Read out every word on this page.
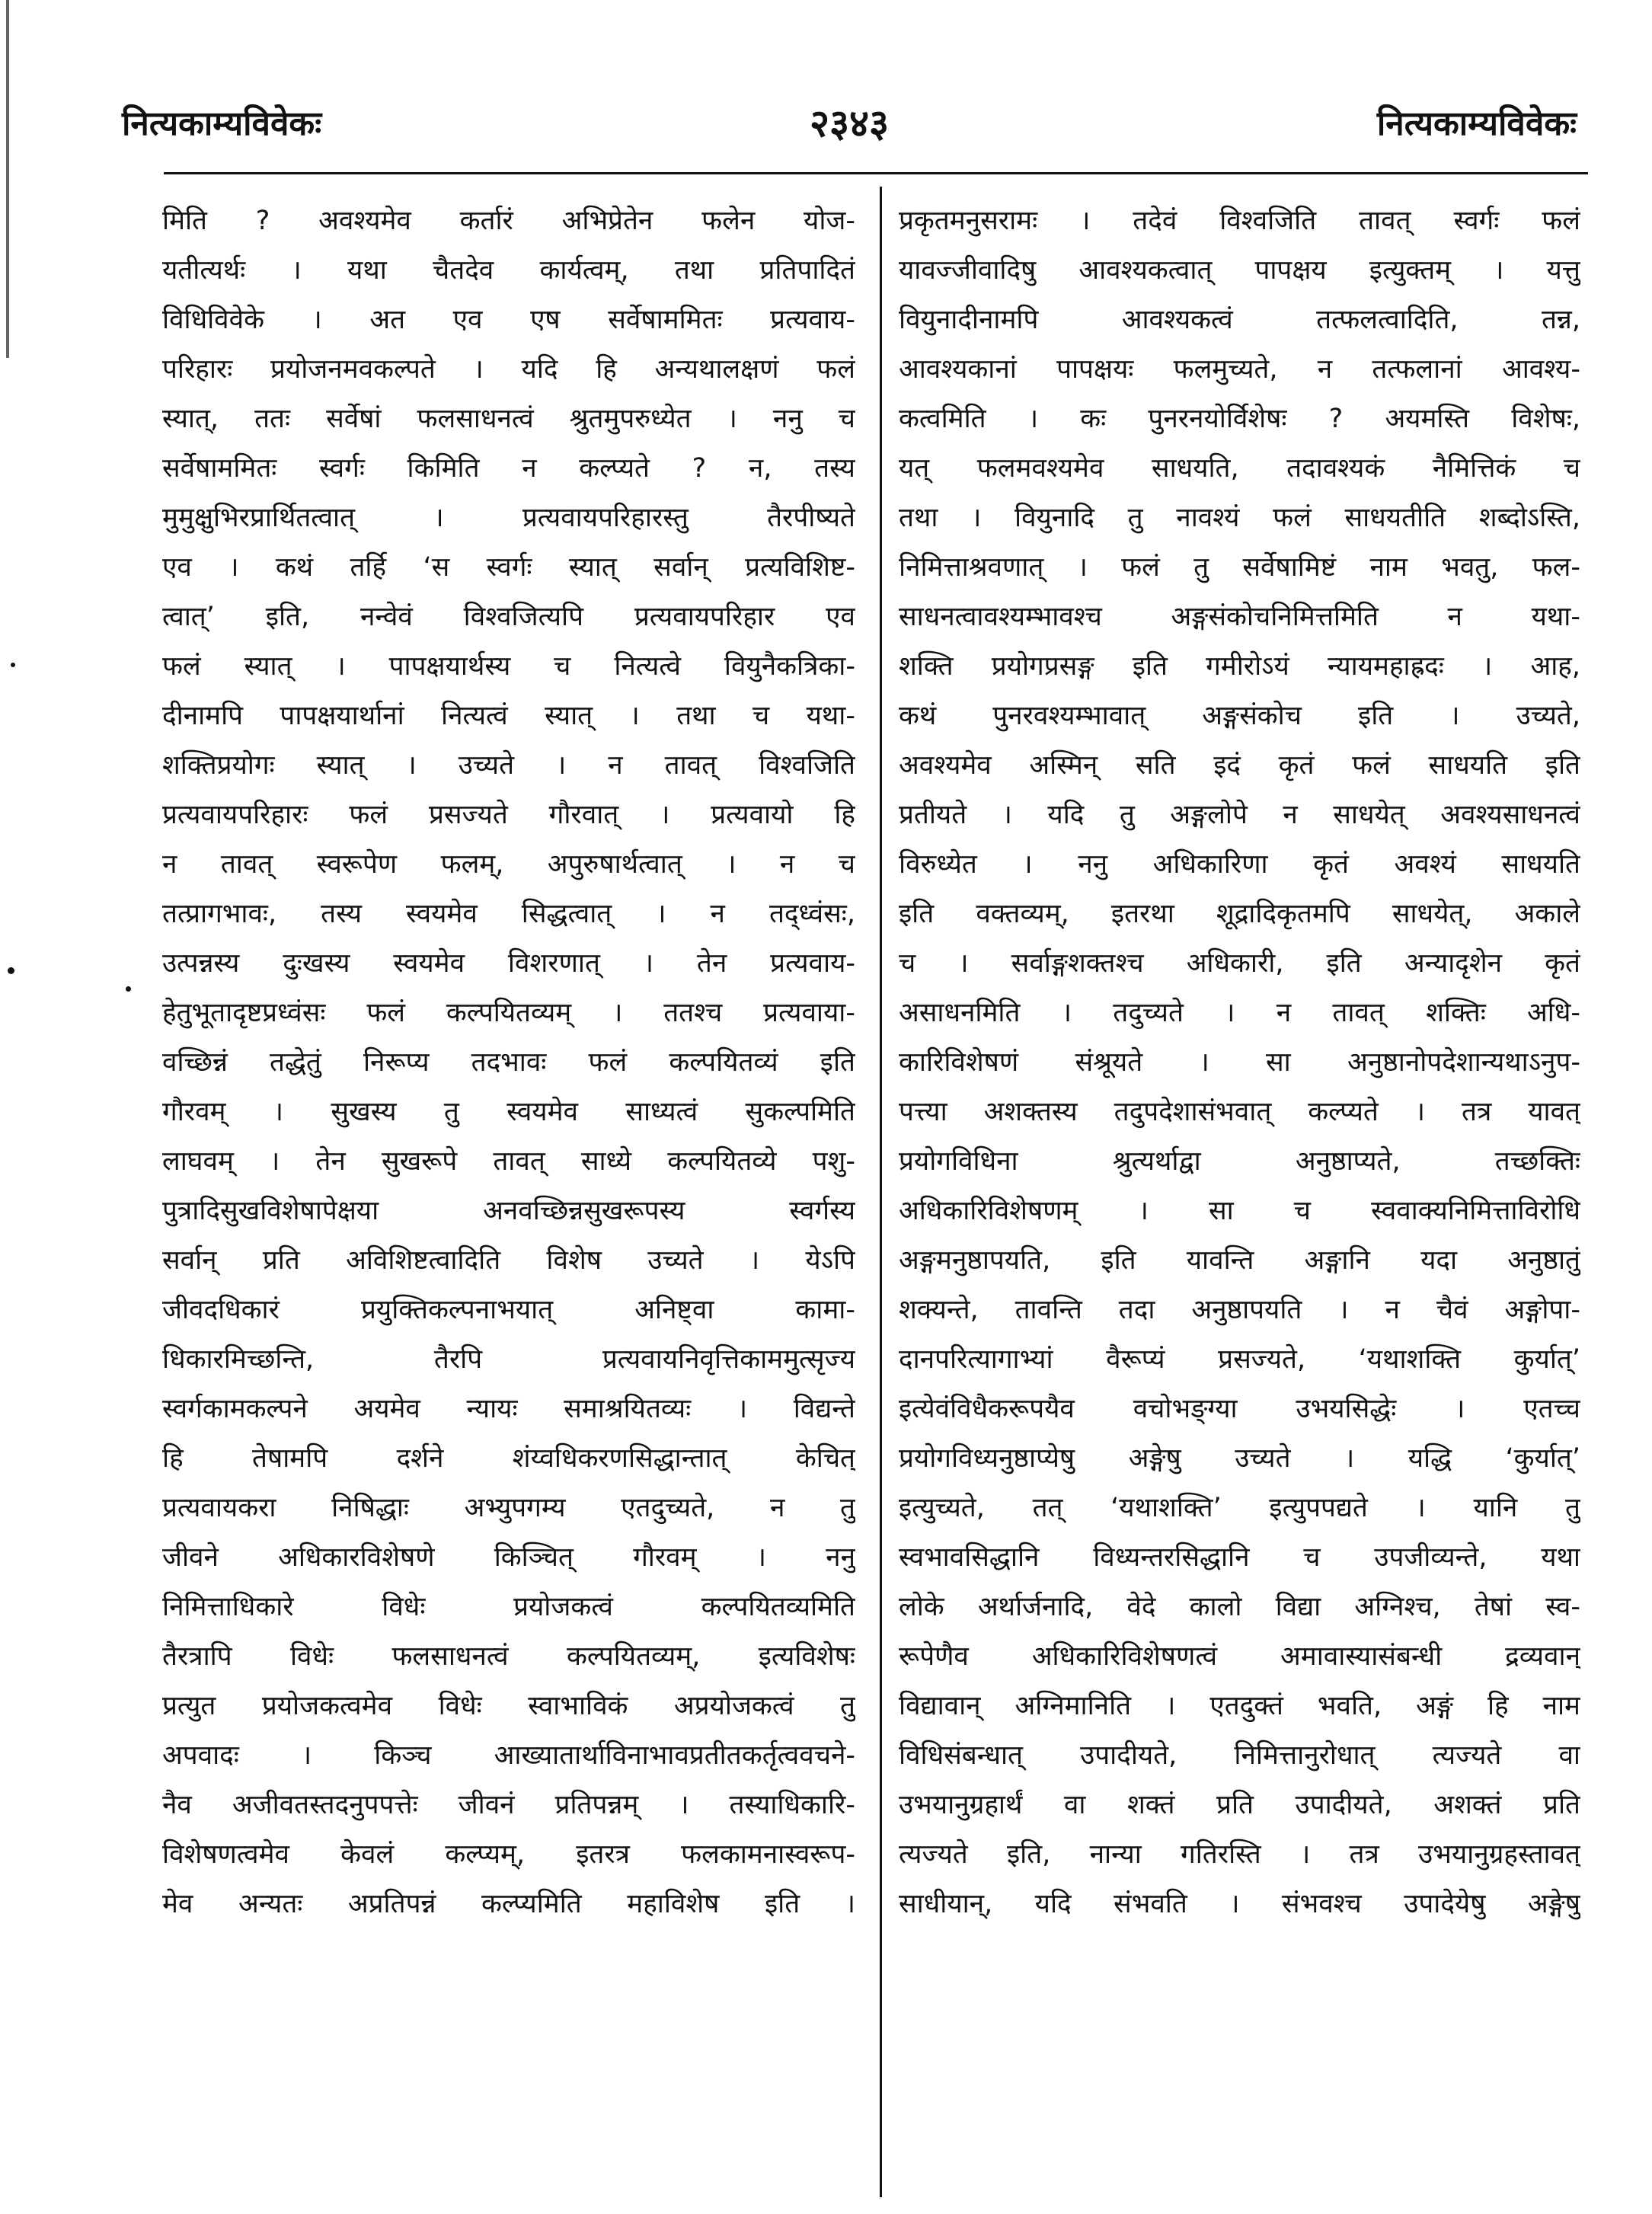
नित्यकाम्यविवेकः	२३४३	नित्यकाम्यविवेकः
मिति ? अवश्यमेव कर्तारं अभिप्रेतेन फलेन योज-
यतीत्यर्थः । यथा चैतदेव कार्यत्वम्, तथा प्रतिपादितं
विधिविवेके । अत एव एष सर्वेषाममितः प्रत्यवाय-
परिहारः प्रयोजनमवकल्पते । यदि हि अन्यथालक्षणं फलं
स्यात्, ततः सर्वेषां फलसाधनत्वं श्रुतमुपरुध्येत । ननु च
सर्वेषाममितः स्वर्गः किमिति न कल्प्यते ? न, तस्य
मुमुक्षुभिरप्रार्थितत्वात् । प्रत्यवायपरिहारस्तु तैरपीष्यते
एव । कथं तर्हि ‘स स्वर्गः स्यात् सर्वान् प्रत्यविशिष्ट-
त्वात्’ इति, नन्वेवं विश्वजित्यपि प्रत्यवायपरिहार एव
फलं स्यात् । पापक्षयार्थस्य च नित्यत्वे वियुनैकत्रिका-
दीनामपि पापक्षयार्थानां नित्यत्वं स्यात् । तथा च यथा-
शक्तिप्रयोगः स्यात् । उच्यते । न तावत् विश्वजिति
प्रत्यवायपरिहारः फलं प्रसज्यते गौरवात् । प्रत्यवायो हि
न तावत् स्वरूपेण फलम्, अपुरुषार्थत्वात् । न च
तत्प्रागभावः, तस्य स्वयमेव सिद्धत्वात् । न तद्ध्वंसः,
उत्पन्नस्य दुःखस्य स्वयमेव विशरणात् । तेन प्रत्यवाय-
हेतुभूतादृष्टप्रध्वंसः फलं कल्पयितव्यम् । ततश्च प्रत्यवाया-
वच्छिन्नं तद्धेतुं निरूप्य तदभावः फलं कल्पयितव्यं इति
गौरवम् । सुखस्य तु स्वयमेव साध्यत्वं सुकल्पमिति
लाघवम् । तेन सुखरूपे तावत् साध्ये कल्पयितव्ये पशु-
पुत्रादिसुखविशेषापेक्षया अनवच्छिन्नसुखरूपस्य स्वर्गस्य
सर्वान् प्रति अविशिष्टत्वादिति विशेष उच्यते । येऽपि
जीवदधिकारं प्रयुक्तिकल्पनाभयात् अनिष्ट्वा कामा-
धिकारमिच्छन्ति, तैरपि प्रत्यवायनिवृत्तिकाममुत्सृज्य
स्वर्गकामकल्पने अयमेव न्यायः समाश्रयितव्यः । विद्यन्ते
हि तेषामपि दर्शने शंय्वधिकरणसिद्धान्तात् केचित्
प्रत्यवायकरा निषिद्धाः अभ्युपगम्य एतदुच्यते, न तु
जीवने अधिकारविशेषणे किञ्चित् गौरवम् । ननु
निमित्ताधिकारे विधेः प्रयोजकत्वं कल्पयितव्यमिति
तैरत्रापि विधेः फलसाधनत्वं कल्पयितव्यम्, इत्यविशेषः
प्रत्युत प्रयोजकत्वमेव विधेः स्वाभाविकं अप्रयोजकत्वं तु
अपवादः । किञ्च आख्यातार्थाविनाभावप्रतीतकर्तृत्ववचने-
नैव अजीवतस्तदनुपपत्तेः जीवनं प्रतिपन्नम् । तस्याधिकारि-
विशेषणत्वमेव केवलं कल्प्यम्, इतरत्र फलकामनास्वरूप-
मेव अन्यतः अप्रतिपन्नं कल्प्यमिति महाविशेष इति ।
प्रकृतमनुसरामः । तदेवं विश्वजिति तावत् स्वर्गः फलं
यावज्जीवादिषु आवश्यकत्वात् पापक्षय इत्युक्तम् । यत्तु
वियुनादीनामपि आवश्यकत्वं तत्फलत्वादिति, तन्न,
आवश्यकानां पापक्षयः फलमुच्यते, न तत्फलानां आवश्य-
कत्वमिति । कः पुनरनयोर्विशेषः ? अयमस्ति विशेषः,
यत् फलमवश्यमेव साधयति, तदावश्यकं नैमित्तिकं च
तथा । वियुनादि तु नावश्यं फलं साधयतीति शब्दोऽस्ति,
निमित्ताश्रवणात् । फलं तु सर्वेषामिष्टं नाम भवतु, फल-
साधनत्वावश्यम्भावश्च अङ्गसंकोचनिमित्तमिति न यथा-
शक्ति प्रयोगप्रसङ्ग इति गमीरोऽयं न्यायमहाह्रदः । आह,
कथं पुनरवश्यम्भावात् अङ्गसंकोच इति । उच्यते,
अवश्यमेव अस्मिन् सति इदं कृतं फलं साधयति इति
प्रतीयते । यदि तु अङ्गलोपे न साधयेत् अवश्यसाधनत्वं
विरुध्येत । ननु अधिकारिणा कृतं अवश्यं साधयति
इति वक्तव्यम्, इतरथा शूद्रादिकृतमपि साधयेत्, अकाले
च । सर्वाङ्गशक्तश्च अधिकारी, इति अन्यादृशेन कृतं
असाधनमिति । तदुच्यते । न तावत् शक्तिः अधि-
कारिविशेषणं संश्रूयते । सा अनुष्ठानोपदेशान्यथाऽनुप-
पत्त्या अशक्तस्य तदुपदेशासंभवात् कल्प्यते । तत्र यावत्
प्रयोगविधिना श्रुत्यर्थाद्वा अनुष्ठाप्यते, तच्छक्तिः
अधिकारिविशेषणम् । सा च स्ववाक्यनिमित्ताविरोधि
अङ्गमनुष्ठापयति, इति यावन्ति अङ्गानि यदा अनुष्ठातुं
शक्यन्ते, तावन्ति तदा अनुष्ठापयति । न चैवं अङ्गोपा-
दानपरित्यागाभ्यां वैरूप्यं प्रसज्यते, ‘यथाशक्ति कुर्यात्’
इत्येवंविधैकरूपयैव वचोभङ्ग्या उभयसिद्धेः । एतच्च
प्रयोगविध्यनुष्ठाप्येषु अङ्गेषु उच्यते । यद्धि ‘कुर्यात्’
इत्युच्यते, तत् ‘यथाशक्ति’ इत्युपपद्यते । यानि तु
स्वभावसिद्धानि विध्यन्तरसिद्धानि च उपजीव्यन्ते, यथा
लोके अर्थार्जनादि, वेदे कालो विद्या अग्निश्च, तेषां स्व-
रूपेणैव अधिकारिविशेषणत्वं अमावास्यासंबन्धी द्रव्यवान्
विद्यावान् अग्निमानिति । एतदुक्तं भवति, अङ्गं हि नाम
विधिसंबन्धात् उपादीयते, निमित्तानुरोधात् त्यज्यते वा
उभयानुग्रहार्थं वा शक्तं प्रति उपादीयते, अशक्तं प्रति
त्यज्यते इति, नान्या गतिरस्ति । तत्र उभयानुग्रहस्तावत्
साधीयान्, यदि संभवति । संभवश्च उपादेयेषु अङ्गेषु
